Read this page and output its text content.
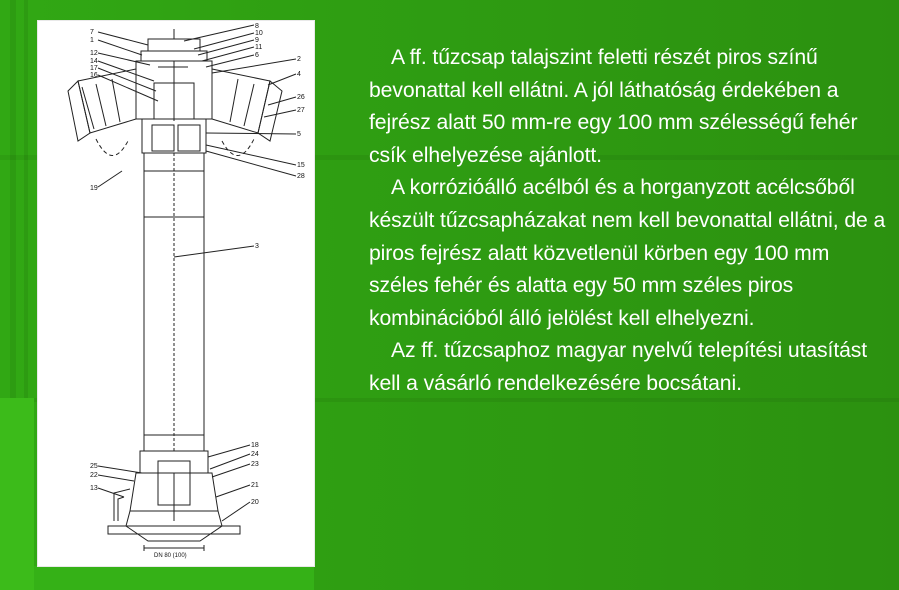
7
1
12
14
17
16
19
25
22
13
8
10
9
11
6
2
4
26
27
5
15
28
3
18
24
23
21
20
DN 80 (100)

A ff. tűzcsap talajszint feletti részét piros színű bevonattal kell ellátni. A jól láthatóság érdekében a fejrész alatt 50 mm-re egy 100 mm szélességű fehér csík elhelyezése ajánlott.

A korrózióálló acélból és a horganyzott acélcsőből készült tűzcsapházakat nem kell bevonattal ellátni, de a piros fejrész alatt közvetlenül körben egy 100 mm széles fehér és alatta egy 50 mm széles piros kombinációból álló jelölést kell elhelyezni.

Az ff. tűzcsaphoz magyar nyelvű telepítési utasítást kell a vásárló rendelkezésére bocsátani.
